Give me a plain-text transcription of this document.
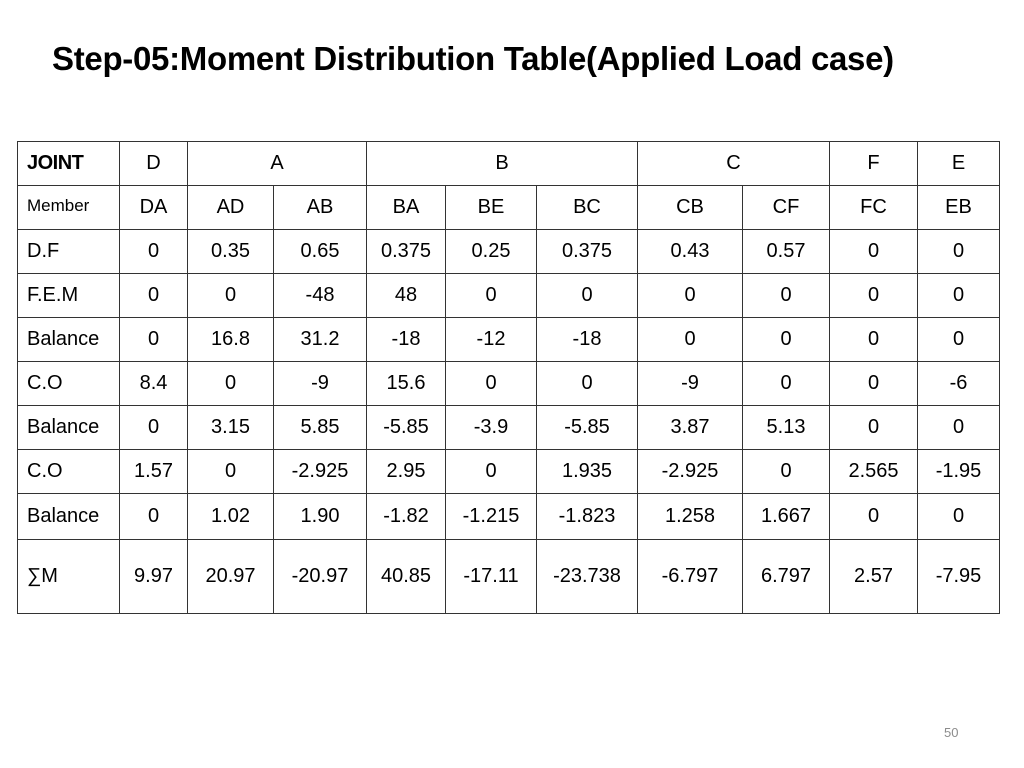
Step-05:Moment Distribution Table(Applied Load case)
JOINT	D	A		B			C		F	E
Member	DA	AD	AB	BA	BE	BC	CB	CF	FC	EB
D.F	0	0.35	0.65	0.375	0.25	0.375	0.43	0.57	0	0
F.E.M	0	0	-48	48	0	0	0	0	0	0
Balance	0	16.8	31.2	-18	-12	-18	0	0	0	0
C.O	8.4	0	-9	15.6	0	0	-9	0	0	-6
Balance	0	3.15	5.85	-5.85	-3.9	-5.85	3.87	5.13	0	0
C.O	1.57	0	-2.925	2.95	0	1.935	-2.925	0	2.565	-1.95
Balance	0	1.02	1.90	-1.82	-1.215	-1.823	1.258	1.667	0	0
∑M	9.97	20.97	-20.97	40.85	-17.11	-23.738	-6.797	6.797	2.57	-7.95
50
